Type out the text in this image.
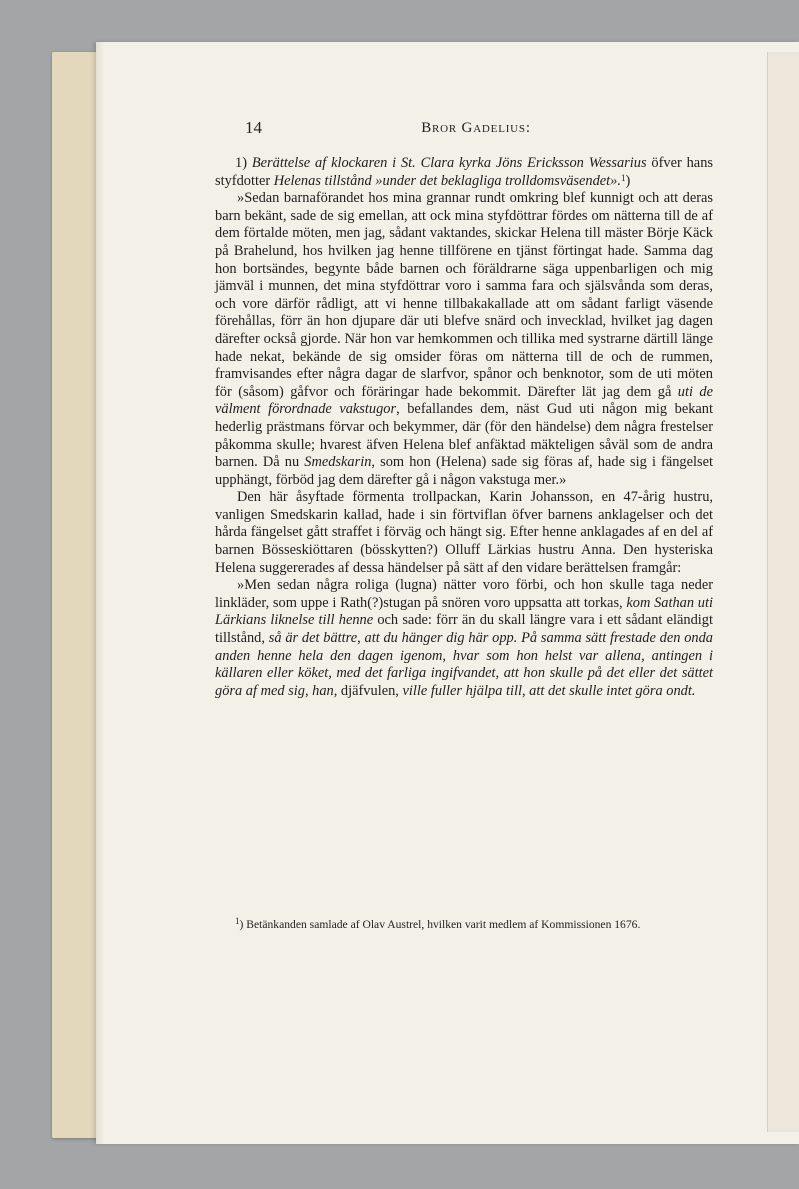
14	Bror Gadelius:

1) Berättelse af klockaren i St. Clara kyrka Jöns Ericksson Wessarius öfver hans styfdotter Helenas tillstånd »under det beklagliga trolldomsväsendet».$^1$)

»Sedan barnaförandet hos mina grannar rundt omkring blef kunnigt och att deras barn bekänt, sade de sig emellan, att ock mina styfdöttrar fördes om nätterna till de af dem förtalde möten, men jag, sådant vaktandes, skickar Helena till mäster Börje Käck på Brahelund, hos hvilken jag henne tillförene en tjänst förtingat hade. Samma dag hon bortsändes, begynte både barnen och föräldrarne säga uppenbarligen och mig jämväl i munnen, det mina styfdöttrar voro i samma fara och själsvånda som deras, och vore därför rådligt, att vi henne tillbakakallade att om sådant farligt väsende förehållas, förr än hon djupare där uti blefve snärd och invecklad, hvilket jag dagen därefter också gjorde. När hon var hemkommen och tillika med systrarne därtill länge hade nekat, bekände de sig omsider föras om nätterna till de och de rummen, framvisandes efter några dagar de slarfvor, spånor och benknotor, som de uti möten för (såsom) gåfvor och föräringar hade bekommit. Därefter lät jag dem gå uti de välment förordnade vakstugor, befallandes dem, näst Gud uti någon mig bekant hederlig prästmans förvar och bekymmer, där (för den händelse) dem några frestelser påkomma skulle; hvarest äfven Helena blef anfäktad mäkteligen såväl som de andra barnen. Då nu Smedskarin, som hon (Helena) sade sig föras af, hade sig i fängelset upphängt, förböd jag dem därefter gå i någon vakstuga mer.»

Den här åsyftade förmenta trollpackan, Karin Johansson, en 47-årig hustru, vanligen Smedskarin kallad, hade i sin förtviflan öfver barnens anklagelser och det hårda fängelset gått straffet i förväg och hängt sig. Efter henne anklagades af en del af barnen Bösseskiöttaren (bösskytten?) Olluff Lärkias hustru Anna. Den hysteriska Helena suggererades af dessa händelser på sätt af den vidare berättelsen framgår:

»Men sedan några roliga (lugna) nätter voro förbi, och hon skulle taga neder linkläder, som uppe i Rath(?)stugan på snören voro uppsatta att torkas, kom Sathan uti Lärkians liknelse till henne och sade: förr än du skall längre vara i ett sådant eländigt tillstånd, så är det bättre, att du hänger dig här opp. På samma sätt frestade den onda anden henne hela den dagen igenom, hvar som hon helst var allena, antingen i källaren eller köket, med det farliga ingifvandet, att hon skulle på det eller det sättet göra af med sig, han, djäfvulen, ville fuller hjälpa till, att det skulle intet göra ondt.

$^1$) Betänkanden samlade af Olav Austrel, hvilken varit medlem af Kommissionen 1676.
